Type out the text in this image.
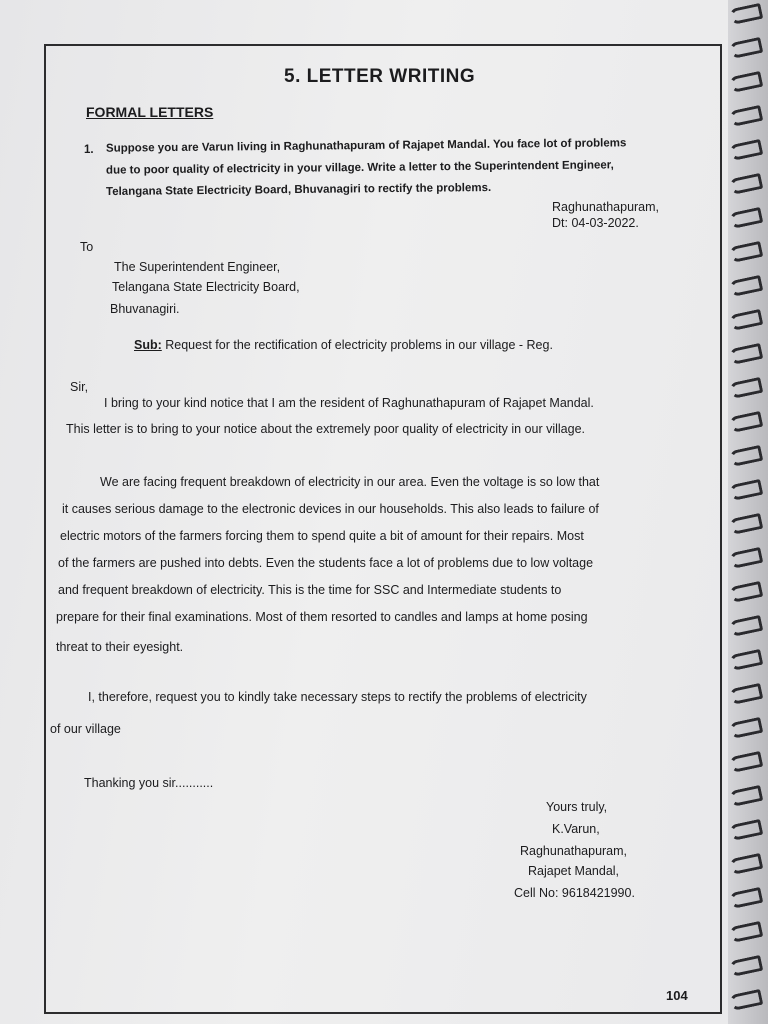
5. LETTER WRITING
FORMAL LETTERS
1. Suppose you are Varun living in Raghunathapuram of Rajapet Mandal. You face lot of problems
due to poor quality of electricity in your village. Write a letter to the Superintendent Engineer,
Telangana State Electricity Board, Bhuvanagiri to rectify the problems.
Raghunathapuram,
Dt: 04-03-2022.
To
The Superintendent Engineer,
Telangana State Electricity Board,
Bhuvanagiri.
Sub: Request for the rectification of electricity problems in our village - Reg.
Sir,
I bring to your kind notice that I am the resident of Raghunathapuram of Rajapet Mandal.
This letter is to bring to your notice about the extremely poor quality of electricity in our village.
We are facing frequent breakdown of electricity in our area. Even the voltage is so low that
it causes serious damage to the electronic devices in our households. This also leads to failure of
electric motors of the farmers forcing them to spend quite a bit of amount for their repairs. Most
of the farmers are pushed into debts. Even the students face a lot of problems due to low voltage
and frequent breakdown of electricity. This is the time for SSC and Intermediate students to
prepare for their final examinations. Most of them resorted to candles and lamps at home posing
threat to their eyesight.
I, therefore, request you to kindly take necessary steps to rectify the problems of electricity
of our village
Thanking you sir...........
Yours truly,
K.Varun,
Raghunathapuram,
Rajapet Mandal,
Cell No: 9618421990.
104
